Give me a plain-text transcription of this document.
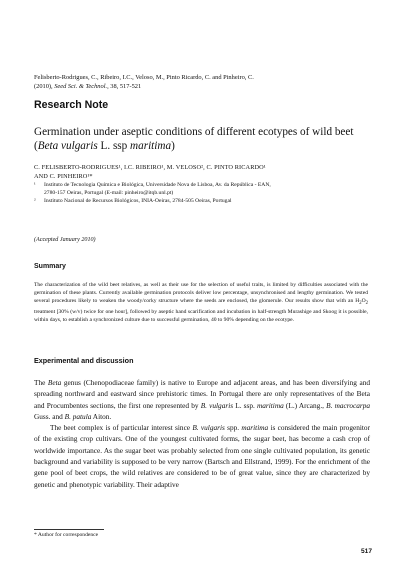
Felisberto-Rodrigues, C., Ribeiro, I.C., Veloso, M., Pinto Ricardo, C. and Pinheiro, C.
(2010), Seed Sci. & Technol., 38, 517-521
Research Note
Germination under aseptic conditions of different ecotypes of wild beet (Beta vulgaris L. ssp maritima)
C. FELISBERTO-RODRIGUES¹, I.C. RIBEIRO¹, M. VELOSO², C. PINTO RICARDO¹
AND C. PINHEIRO¹*
¹	Instituto de Tecnologia Química e Biológica, Universidade Nova de Lisboa, Av. da República - EAN,
2780-157 Oeiras, Portugal (E-mail: pinheiro@itqb.unl.pt)
²	Instituto Nacional de Recursos Biológicos, INIA-Oeiras, 2784-505 Oeiras, Portugal
(Accepted January 2010)
Summary
The characterization of the wild beet relatives, as well as their use for the selection of useful traits, is limited by difficulties associated with the germination of these plants. Currently available germination protocols deliver low percentage, unsynchronised and lengthy germination. We tested several procedures likely to weaken the woody/corky structure where the seeds are enclosed, the glomerule. Our results show that with an $H_2O_2$ treatment [30% (w/v) twice for one hour], followed by aseptic hand scarification and incubation in half-strength Murashige and Skoog it is possible, within days, to establish a synchronized culture due to successful germination, 40 to 90% depending on the ecotype.
Experimental and discussion

The Beta genus (Chenopodiaceae family) is native to Europe and adjacent areas, and has been diversifying and spreading northward and eastward since prehistoric times. In Portugal there are only representatives of the Beta and Procumbentes sections, the first one represented by B. vulgaris L. ssp. maritima (L.) Arcang., B. macrocarpa Guss. and B. patula Aiton.

The beet complex is of particular interest since B. vulgaris spp. maritima is considered the main progenitor of the existing crop cultivars. One of the youngest cultivated forms, the sugar beet, has become a cash crop of worldwide importance. As the sugar beet was probably selected from one single cultivated population, its genetic background and variability is supposed to be very narrow (Bartsch and Ellstrand, 1999). For the enrichment of the gene pool of beet crops, the wild relatives are considered to be of great value, since they are characterized by genetic and phenotypic variability. Their adaptive

* Author for correspondence
517
